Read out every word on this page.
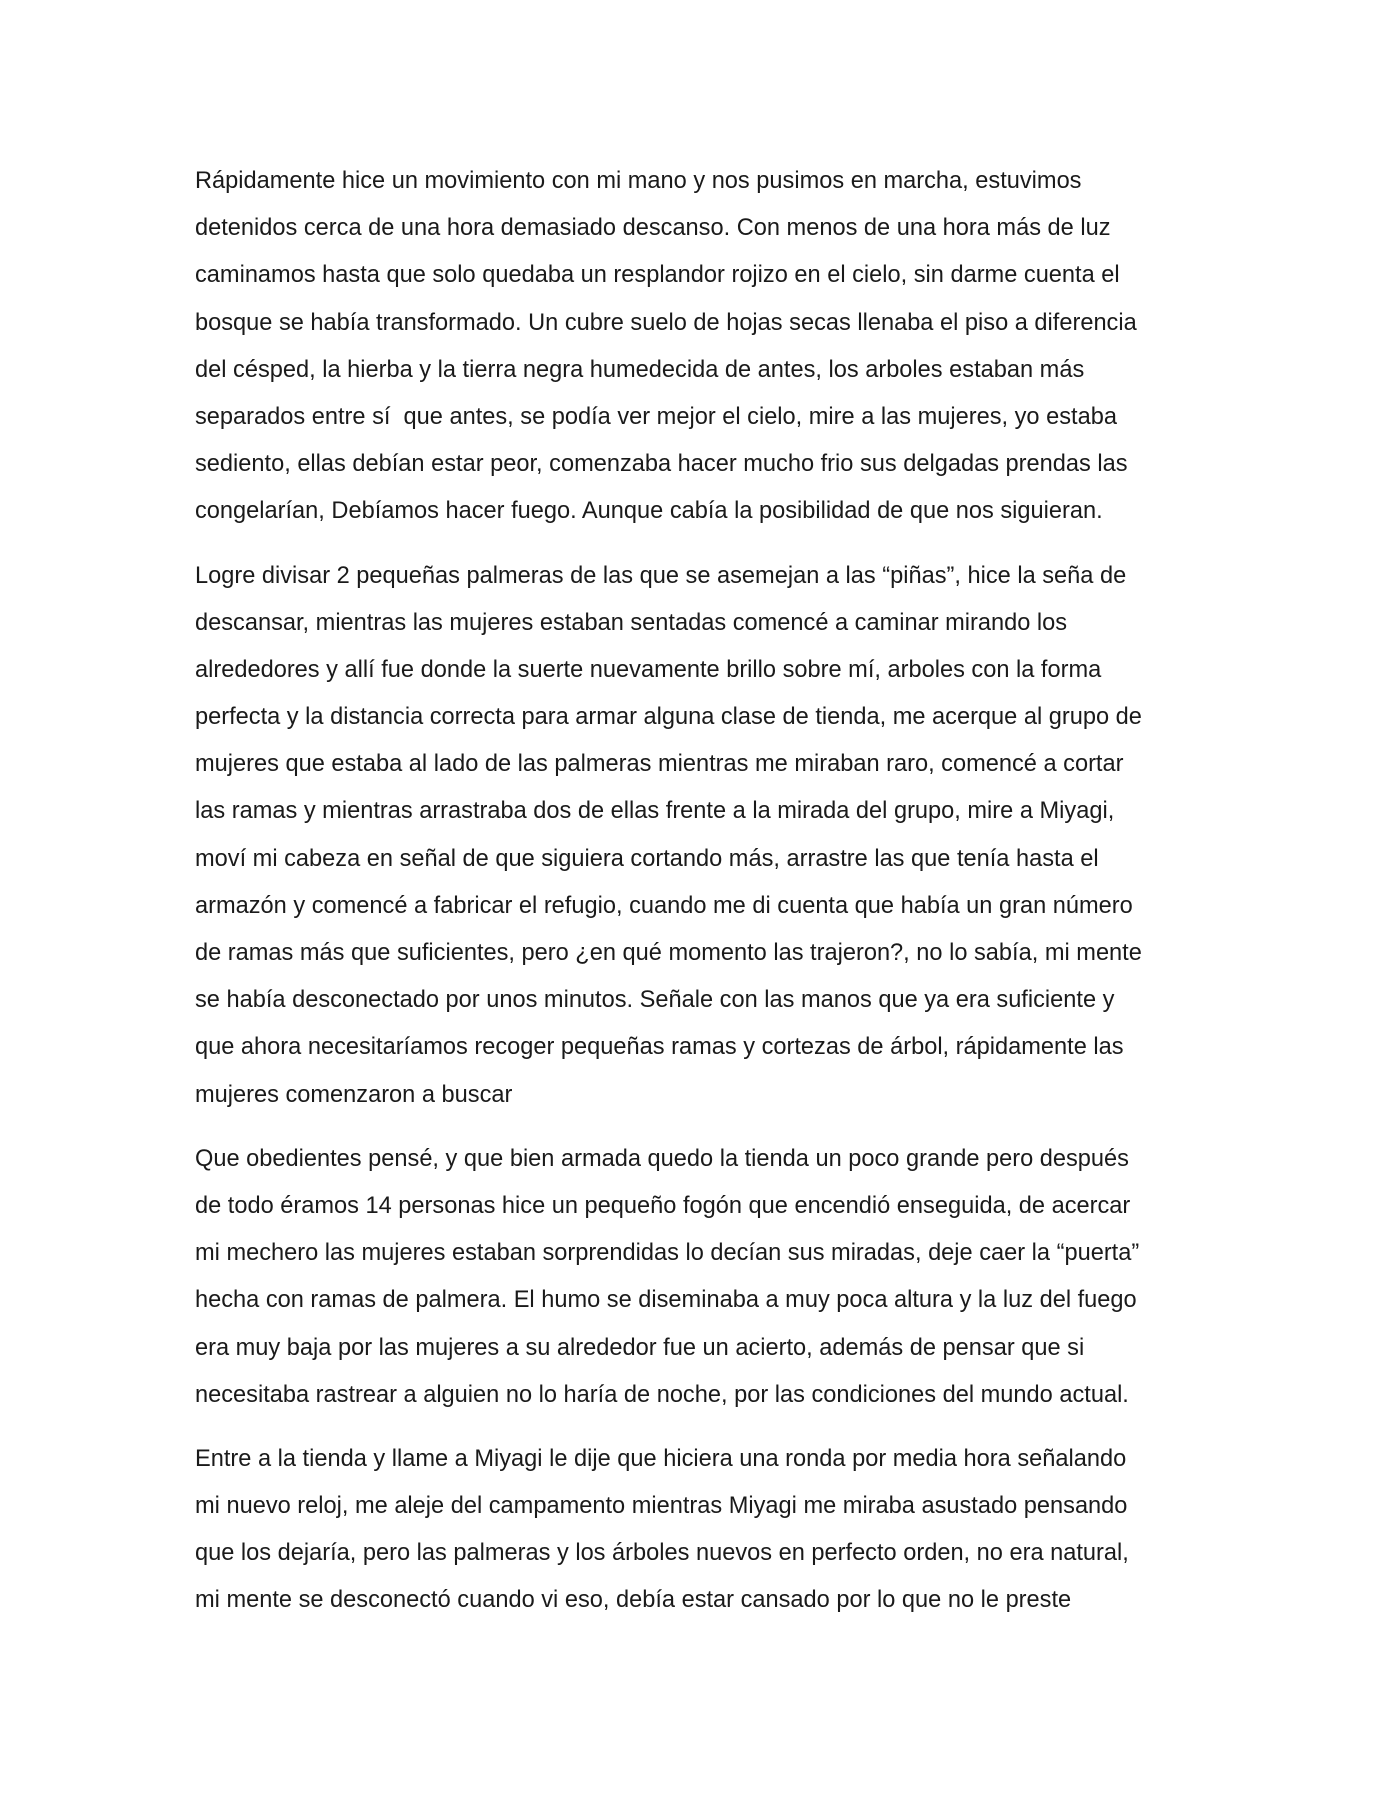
Rápidamente hice un movimiento con mi mano y nos pusimos en marcha, estuvimos
detenidos cerca de una hora demasiado descanso. Con menos de una hora más de luz
caminamos hasta que solo quedaba un resplandor rojizo en el cielo, sin darme cuenta el
bosque se había transformado. Un cubre suelo de hojas secas llenaba el piso a diferencia
del césped, la hierba y la tierra negra humedecida de antes, los arboles estaban más
separados entre sí  que antes, se podía ver mejor el cielo, mire a las mujeres, yo estaba
sediento, ellas debían estar peor, comenzaba hacer mucho frio sus delgadas prendas las
congelarían, Debíamos hacer fuego. Aunque cabía la posibilidad de que nos siguieran.

Logre divisar 2 pequeñas palmeras de las que se asemejan a las “piñas”, hice la seña de
descansar, mientras las mujeres estaban sentadas comencé a caminar mirando los
alrededores y allí fue donde la suerte nuevamente brillo sobre mí, arboles con la forma
perfecta y la distancia correcta para armar alguna clase de tienda, me acerque al grupo de
mujeres que estaba al lado de las palmeras mientras me miraban raro, comencé a cortar
las ramas y mientras arrastraba dos de ellas frente a la mirada del grupo, mire a Miyagi,
moví mi cabeza en señal de que siguiera cortando más, arrastre las que tenía hasta el
armazón y comencé a fabricar el refugio, cuando me di cuenta que había un gran número
de ramas más que suficientes, pero ¿en qué momento las trajeron?, no lo sabía, mi mente
se había desconectado por unos minutos. Señale con las manos que ya era suficiente y
que ahora necesitaríamos recoger pequeñas ramas y cortezas de árbol, rápidamente las
mujeres comenzaron a buscar

Que obedientes pensé, y que bien armada quedo la tienda un poco grande pero después
de todo éramos 14 personas hice un pequeño fogón que encendió enseguida, de acercar
mi mechero las mujeres estaban sorprendidas lo decían sus miradas, deje caer la “puerta”
hecha con ramas de palmera. El humo se diseminaba a muy poca altura y la luz del fuego
era muy baja por las mujeres a su alrededor fue un acierto, además de pensar que si
necesitaba rastrear a alguien no lo haría de noche, por las condiciones del mundo actual.

Entre a la tienda y llame a Miyagi le dije que hiciera una ronda por media hora señalando
mi nuevo reloj, me aleje del campamento mientras Miyagi me miraba asustado pensando
que los dejaría, pero las palmeras y los árboles nuevos en perfecto orden, no era natural,
mi mente se desconectó cuando vi eso, debía estar cansado por lo que no le preste
